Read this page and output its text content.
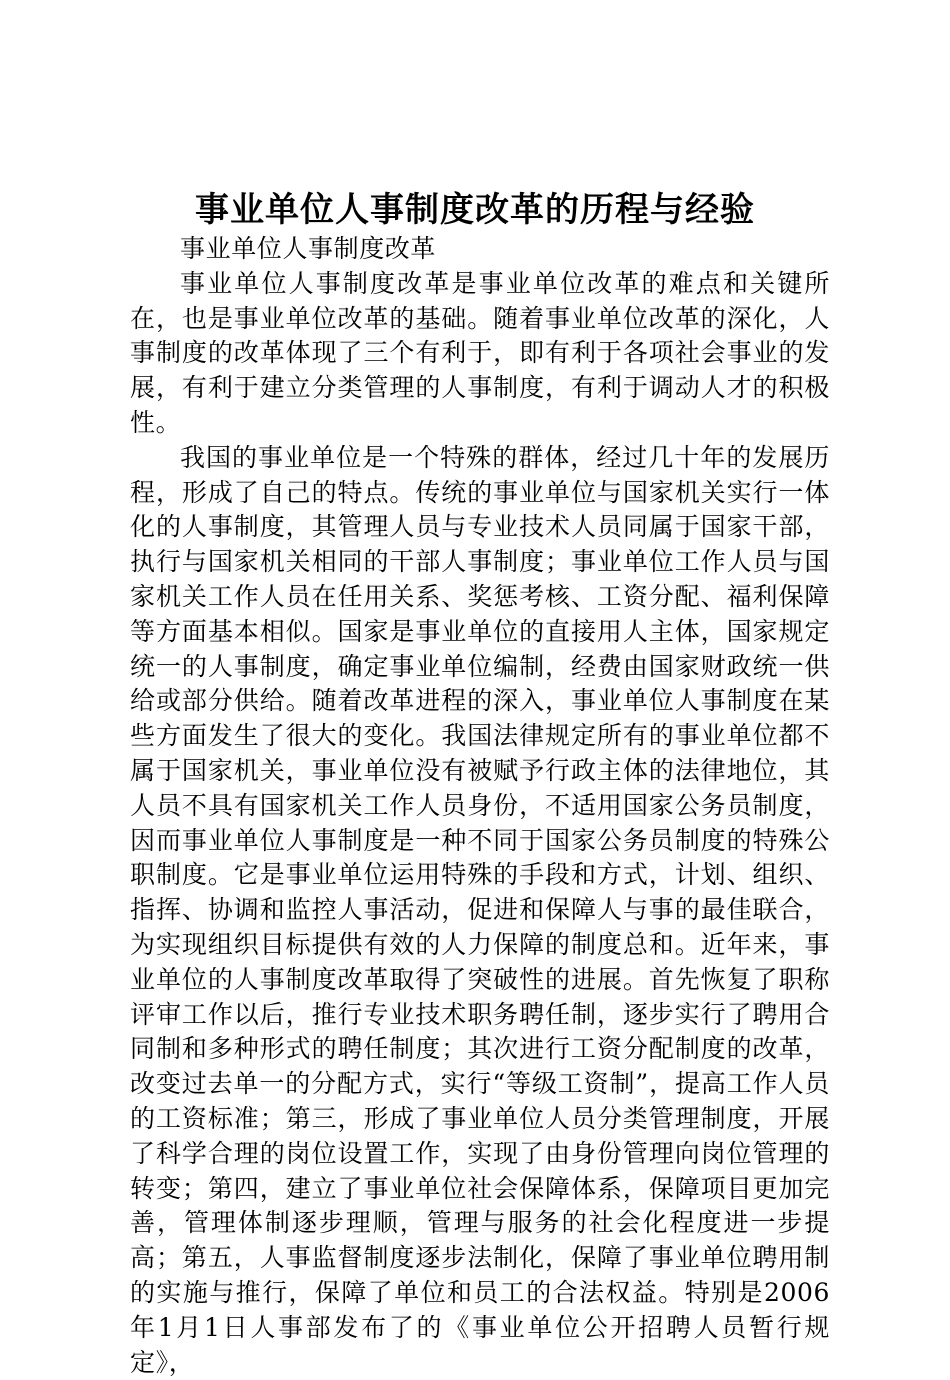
事业单位人事制度改革的历程与经验

事业单位人事制度改革

事业单位人事制度改革是事业单位改革的难点和关键所在，也是事业单位改革的基础。随着事业单位改革的深化，人事制度的改革体现了三个有利于，即有利于各项社会事业的发展，有利于建立分类管理的人事制度，有利于调动人才的积极性。

我国的事业单位是一个特殊的群体，经过几十年的发展历程，形成了自己的特点。传统的事业单位与国家机关实行一体化的人事制度，其管理人员与专业技术人员同属于国家干部，执行与国家机关相同的干部人事制度；事业单位工作人员与国家机关工作人员在任用关系、奖惩考核、工资分配、福利保障等方面基本相似。国家是事业单位的直接用人主体，国家规定统一的人事制度，确定事业单位编制，经费由国家财政统一供给或部分供给。随着改革进程的深入，事业单位人事制度在某些方面发生了很大的变化。我国法律规定所有的事业单位都不属于国家机关，事业单位没有被赋予行政主体的法律地位，其人员不具有国家机关工作人员身份，不适用国家公务员制度，因而事业单位人事制度是一种不同于国家公务员制度的特殊公职制度。它是事业单位运用特殊的手段和方式，计划、组织、指挥、协调和监控人事活动，促进和保障人与事的最佳联合，为实现组织目标提供有效的人力保障的制度总和。近年来，事业单位的人事制度改革取得了突破性的进展。首先恢复了职称评审工作以后，推行专业技术职务聘任制，逐步实行了聘用合同制和多种形式的聘任制度；其次进行工资分配制度的改革，改变过去单一的分配方式，实行“等级工资制”，提高工作人员的工资标准；第三，形成了事业单位人员分类管理制度，开展了科学合理的岗位设置工作，实现了由身份管理向岗位管理的转变；第四，建立了事业单位社会保障体系，保障项目更加完善，管理体制逐步理顺，管理与服务的社会化程度进一步提高；第五，人事监督制度逐步法制化，保障了事业单位聘用制的实施与推行，保障了单位和员工的合法权益。特别是2006年1月1日人事部发布了的《事业单位公开招聘人员暂行规定》，
